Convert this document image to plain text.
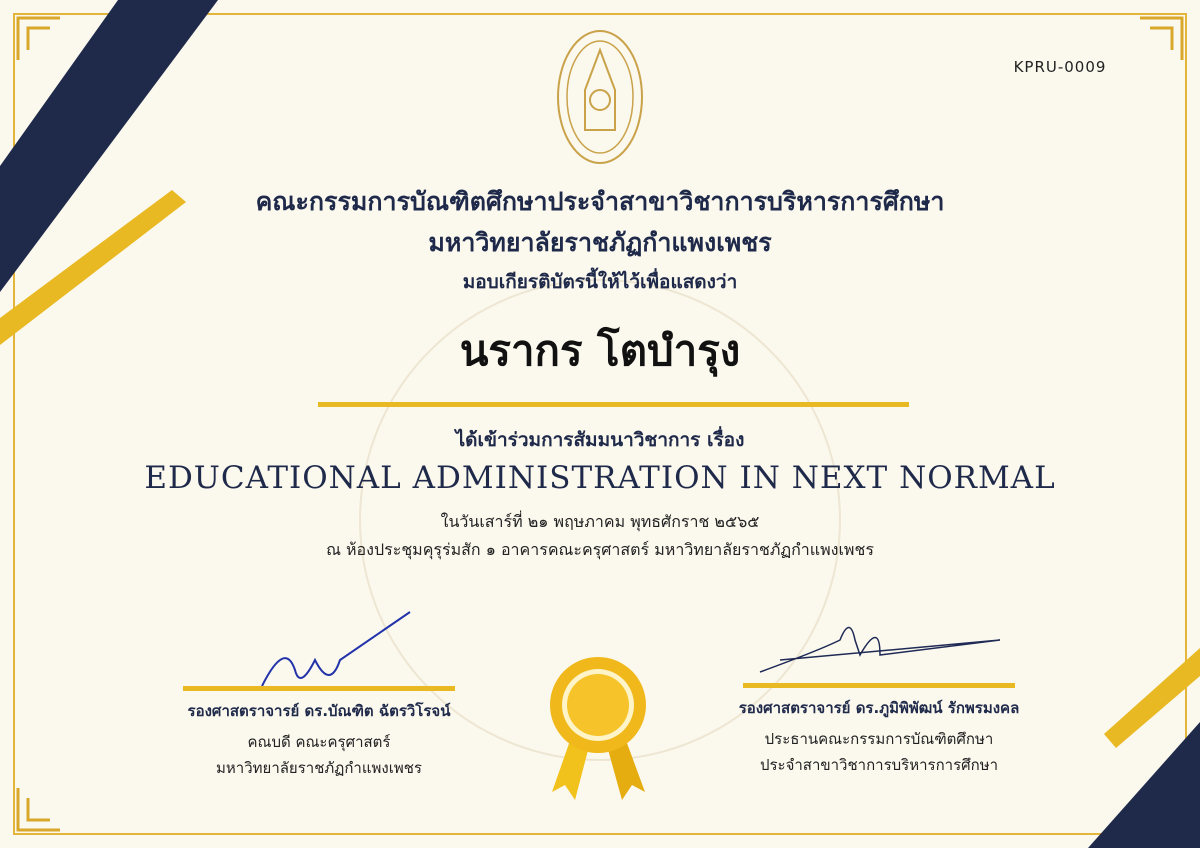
KPRU-0009
คณะกรรมการบัณฑิตศึกษาประจำสาขาวิชาการบริหารการศึกษา
มหาวิทยาลัยราชภัฏกำแพงเพชร
มอบเกียรติบัตรนี้ให้ไว้เพื่อแสดงว่า
นรากร โตบำรุง
ได้เข้าร่วมการสัมมนาวิชาการ เรื่อง
EDUCATIONAL ADMINISTRATION IN NEXT NORMAL
ในวันเสาร์ที่ ๒๑ พฤษภาคม พุทธศักราช ๒๕๖๕
ณ ห้องประชุมคุรุร่มสัก ๑ อาคารคณะครุศาสตร์ มหาวิทยาลัยราชภัฏกำแพงเพชร
รองศาสตราจารย์ ดร.บัณฑิต ฉัตรวิโรจน์
คณบดี คณะครุศาสตร์
มหาวิทยาลัยราชภัฏกำแพงเพชร
รองศาสตราจารย์ ดร.ภูมิพิพัฒน์ รักพรมงคล
ประธานคณะกรรมการบัณฑิตศึกษา
ประจำสาขาวิชาการบริหารการศึกษา
